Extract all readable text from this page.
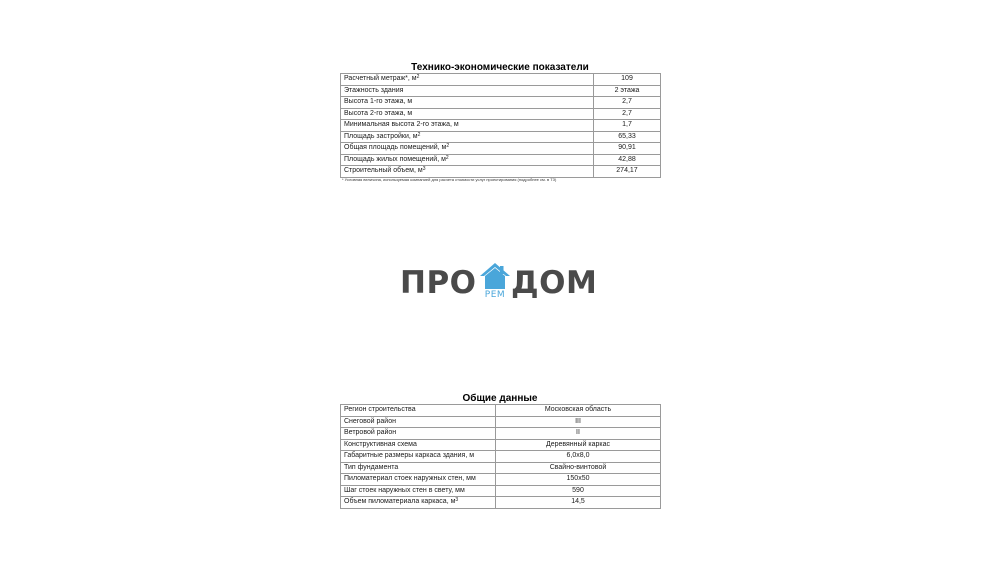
Технико-экономические показатели
Расчетный метраж*, $м^2$	109
Этажность здания	2 этажа
Высота 1-го этажа, м	2,7
Высота 2-го этажа, м	2,7
Минимальная высота 2-го этажа, м	1,7
Площадь застройки, $м^2$	65,33
Общая площадь помещений, $м^2$	90,91
Площадь жилых помещений, $м^2$	42,88
Строительный объем, $м^3$	274,17
* Условная величина, используемая компанией для расчета стоимости услуг проектирования (подробнее см. в ТЗ)
ПРО РЕМ ДОМ
Общие данные
Регион строительства	Московская область
Снеговой район	III
Ветровой район	II
Конструктивная схема	Деревянный каркас
Габаритные размеры каркаса здания, м	6,0х8,0
Тип фундамента	Свайно-винтовой
Пиломатериал стоек наружных стен, мм	150х50
Шаг стоек наружных стен в свету, мм	590
Объем пиломатериала каркаса, $м^3$	14,5
